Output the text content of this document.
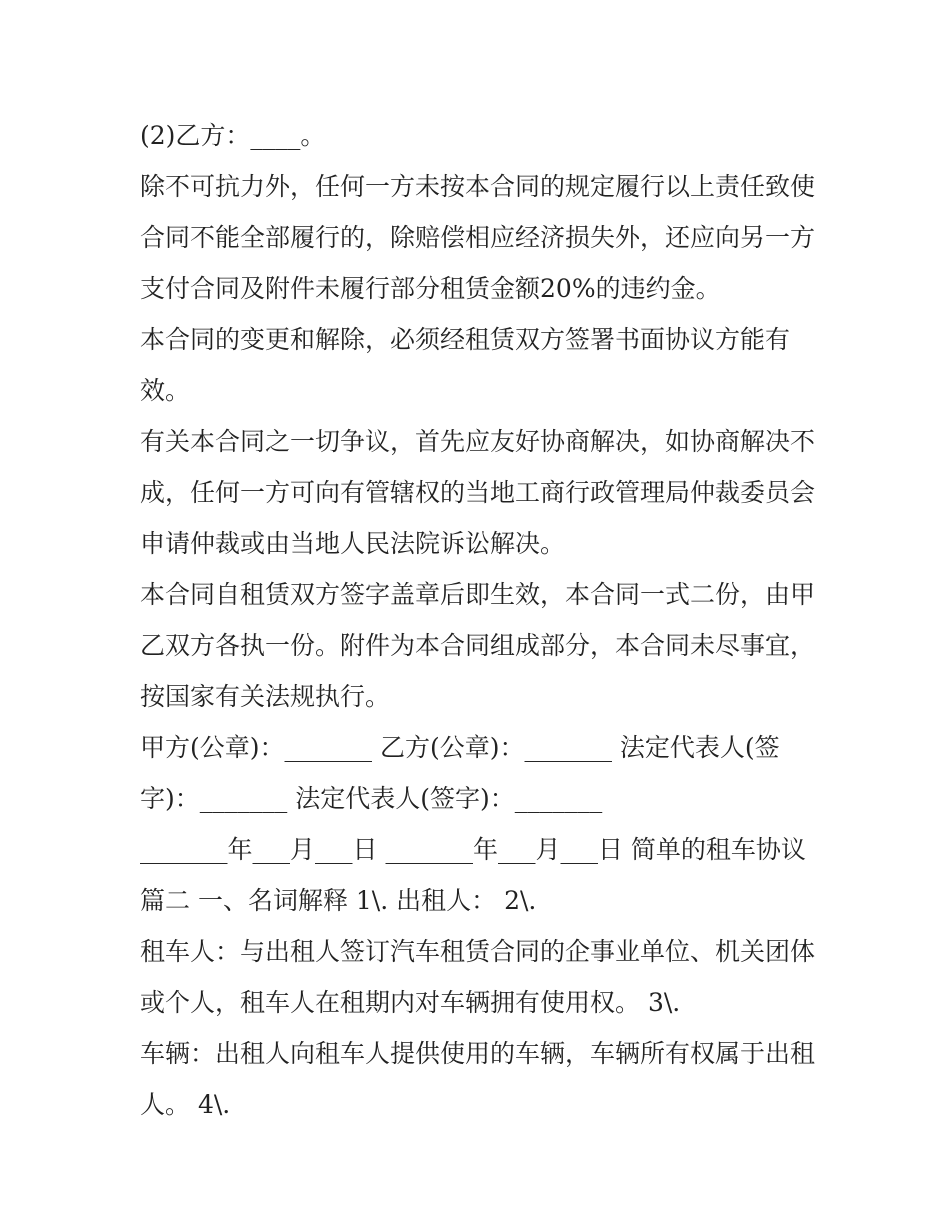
(2)乙方：____。

除不可抗力外，任何一方未按本合同的规定履行以上责任致使合同不能全部履行的，除赔偿相应经济损失外，还应向另一方支付合同及附件未履行部分租赁金额20%的违约金。

本合同的变更和解除，必须经租赁双方签署书面协议方能有效。

有关本合同之一切争议，首先应友好协商解决，如协商解决不成，任何一方可向有管辖权的当地工商行政管理局仲裁委员会申请仲裁或由当地人民法院诉讼解决。

本合同自租赁双方签字盖章后即生效，本合同一式二份，由甲乙双方各执一份。附件为本合同组成部分，本合同未尽事宜，按国家有关法规执行。

甲方(公章)：_______ 乙方(公章)：_______ 法定代表人(签字)：_______ 法定代表人(签字)：_______

_______年___月___日 _______年___月___日 简单的租车协议篇二 一、名词解释 1\. 出租人： 2\.

租车人：与出租人签订汽车租赁合同的企事业单位、机关团体或个人，租车人在租期内对车辆拥有使用权。 3\.

车辆：出租人向租车人提供使用的车辆，车辆所有权属于出租人。 4\.
